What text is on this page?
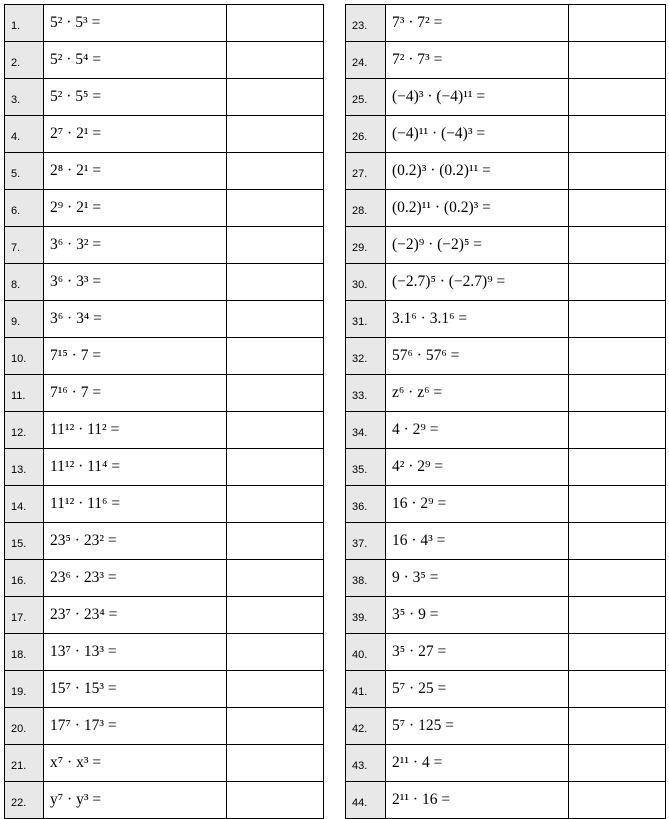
1.	5² · 5³ =	
2.	5² · 5⁴ =	
3.	5² · 5⁵ =	
4.	2⁷ · 2¹ =	
5.	2⁸ · 2¹ =	
6.	2⁹ · 2¹ =	
7.	3⁶ · 3² =	
8.	3⁶ · 3³ =	
9.	3⁶ · 3⁴ =	
10.	7¹⁵ · 7 =	
11.	7¹⁶ · 7 =	
12.	11¹² · 11² =	
13.	11¹² · 11⁴ =	
14.	11¹² · 11⁶ =	
15.	23⁵ · 23² =	
16.	23⁶ · 23³ =	
17.	23⁷ · 23⁴ =	
18.	13⁷ · 13³ =	
19.	15⁷ · 15³ =	
20.	17⁷ · 17³ =	
21.	x⁷ · x³ =	
22.	y⁷ · y³ =	
23.	7³ · 7² =	
24.	7² · 7³ =	
25.	(−4)³ · (−4)¹¹ =	
26.	(−4)¹¹ · (−4)³ =	
27.	(0.2)³ · (0.2)¹¹ =	
28.	(0.2)¹¹ · (0.2)³ =	
29.	(−2)⁹ · (−2)⁵ =	
30.	(−2.7)⁵ · (−2.7)⁹ =	
31.	3.1⁶ · 3.1⁶ =	
32.	57⁶ · 57⁶ =	
33.	z⁶ · z⁶ =	
34.	4 · 2⁹ =	
35.	4² · 2⁹ =	
36.	16 · 2⁹ =	
37.	16 · 4³ =	
38.	9 · 3⁵ =	
39.	3⁵ · 9 =	
40.	3⁵ · 27 =	
41.	5⁷ · 25 =	
42.	5⁷ · 125 =	
43.	2¹¹ · 4 =	
44.	2¹¹ · 16 =	
